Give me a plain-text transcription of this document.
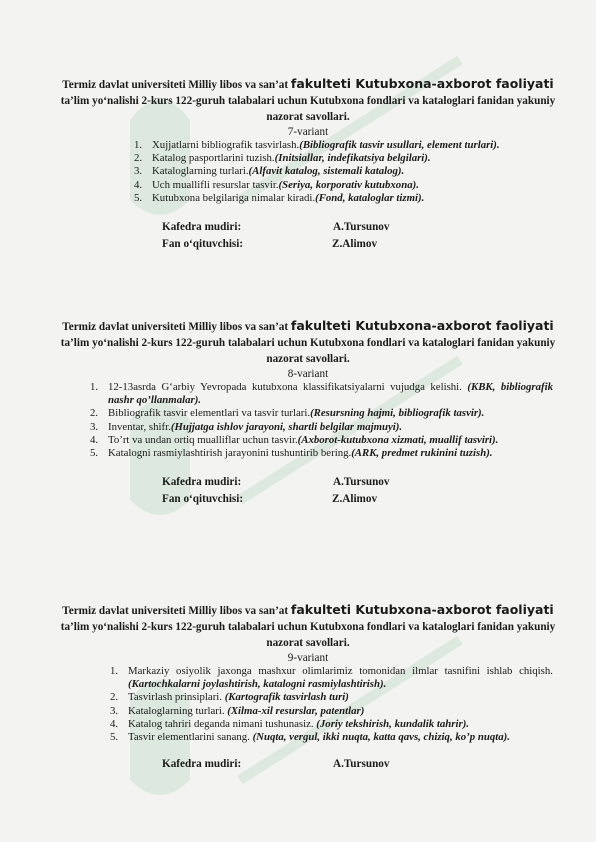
Termiz davlat universiteti Milliy libos va san’at fakulteti Kutubxona-axborot faoliyati ta’lim yo‘nalishi 2-kurs 122-guruh talabalari uchun Kutubxona fondlari va kataloglari fanidan yakuniy nazorat savollari.
7-variant
1. Xujjatlarni bibliografik tasvirlash.(Bibliografik tasvir usullari, element turlari).
2. Katalog pasportlarini tuzish.(Initsiallar, indefikatsiya belgilari).
3. Kataloglarning turlari.(Alfavit katalog, sistemali katalog).
4. Uch muallifli resurslar tasvir.(Seriya, korporativ kutubxona).
5. Kutubxona belgilariga nimalar kiradi.(Fond, kataloglar tizmi).
Kafedra mudiri:	A.Tursunov
Fan o‘qituvchisi:	Z.Alimov
Termiz davlat universiteti Milliy libos va san’at fakulteti Kutubxona-axborot faoliyati ta’lim yo‘nalishi 2-kurs 122-guruh talabalari uchun Kutubxona fondlari va kataloglari fanidan yakuniy nazorat savollari.
8-variant
1. 12-13asrda G‘arbiy Yevropada kutubxona klassifikatsiyalarni vujudga kelishi. (KBK, bibliografik nashr qo’llanmalar).
2. Bibliografik tasvir elementlari va tasvir turlari.(Resursning hajmi, bibliografik tasvir).
3. Inventar, shifr.(Hujjatga ishlov jarayoni, shartli belgilar majmuyi).
4. To’rt va undan ortiq mualliflar uchun tasvir.(Axborot-kutubxona xizmati, muallif tasviri).
5. Katalogni rasmiylashtirish jarayonini tushuntirib bering.(ARK, predmet rukinini tuzish).
Kafedra mudiri:	A.Tursunov
Fan o‘qituvchisi:	Z.Alimov
Termiz davlat universiteti Milliy libos va san’at fakulteti Kutubxona-axborot faoliyati ta’lim yo‘nalishi 2-kurs 122-guruh talabalari uchun Kutubxona fondlari va kataloglari fanidan yakuniy nazorat savollari.
9-variant
1. Markaziy osiyolik jaxonga mashxur olimlarimiz tomonidan ilmlar tasnifini ishlab chiqish. (Kartochkalarni joylashtirish, katalogni rasmiylashtirish).
2. Tasvirlash prinsiplari. (Kartografik tasvirlash turi)
3. Kataloglarning turlari. (Xilma-xil resurslar, patentlar)
4. Katalog tahriri deganda nimani tushunasiz. (Joriy tekshirish, kundalik tahrir).
5. Tasvir elementlarini sanang. (Nuqta, vergul, ikki nuqta, katta qavs, chiziq, ko’p nuqta).
Kafedra mudiri:	A.Tursunov
